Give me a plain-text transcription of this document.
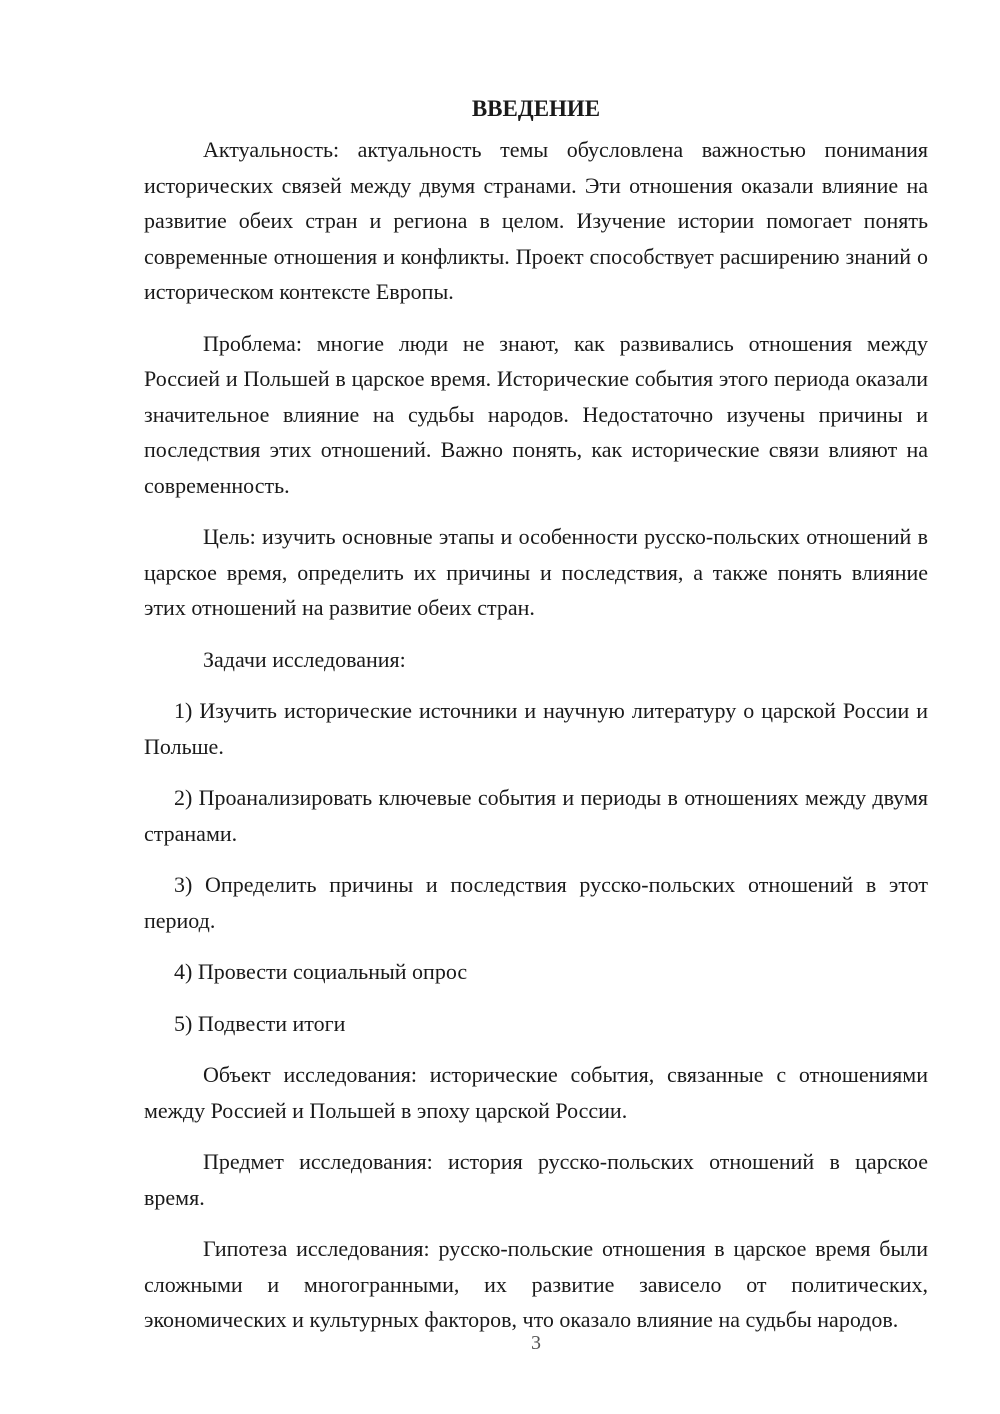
ВВЕДЕНИЕ

Актуальность: актуальность темы обусловлена важностью понимания исторических связей между двумя странами. Эти отношения оказали влияние на развитие обеих стран и региона в целом. Изучение истории помогает понять современные отношения и конфликты. Проект способствует расширению знаний о историческом контексте Европы.

Проблема: многие люди не знают, как развивались отношения между Россией и Польшей в царское время. Исторические события этого периода оказали значительное влияние на судьбы народов. Недостаточно изучены причины и последствия этих отношений. Важно понять, как исторические связи влияют на современность.

Цель: изучить основные этапы и особенности русско-польских отношений в царское время, определить их причины и последствия, а также понять влияние этих отношений на развитие обеих стран.

Задачи исследования:

1) Изучить исторические источники и научную литературу о царской России и Польше.

2) Проанализировать ключевые события и периоды в отношениях между двумя странами.

3) Определить причины и последствия русско-польских отношений в этот период.

4) Провести социальный опрос

5) Подвести итоги

Объект исследования: исторические события, связанные с отношениями между Россией и Польшей в эпоху царской России.

Предмет исследования: история русско-польских отношений в царское время.

Гипотеза исследования: русско-польские отношения в царское время были сложными и многогранными, их развитие зависело от политических, экономических и культурных факторов, что оказало влияние на судьбы народов.

3
